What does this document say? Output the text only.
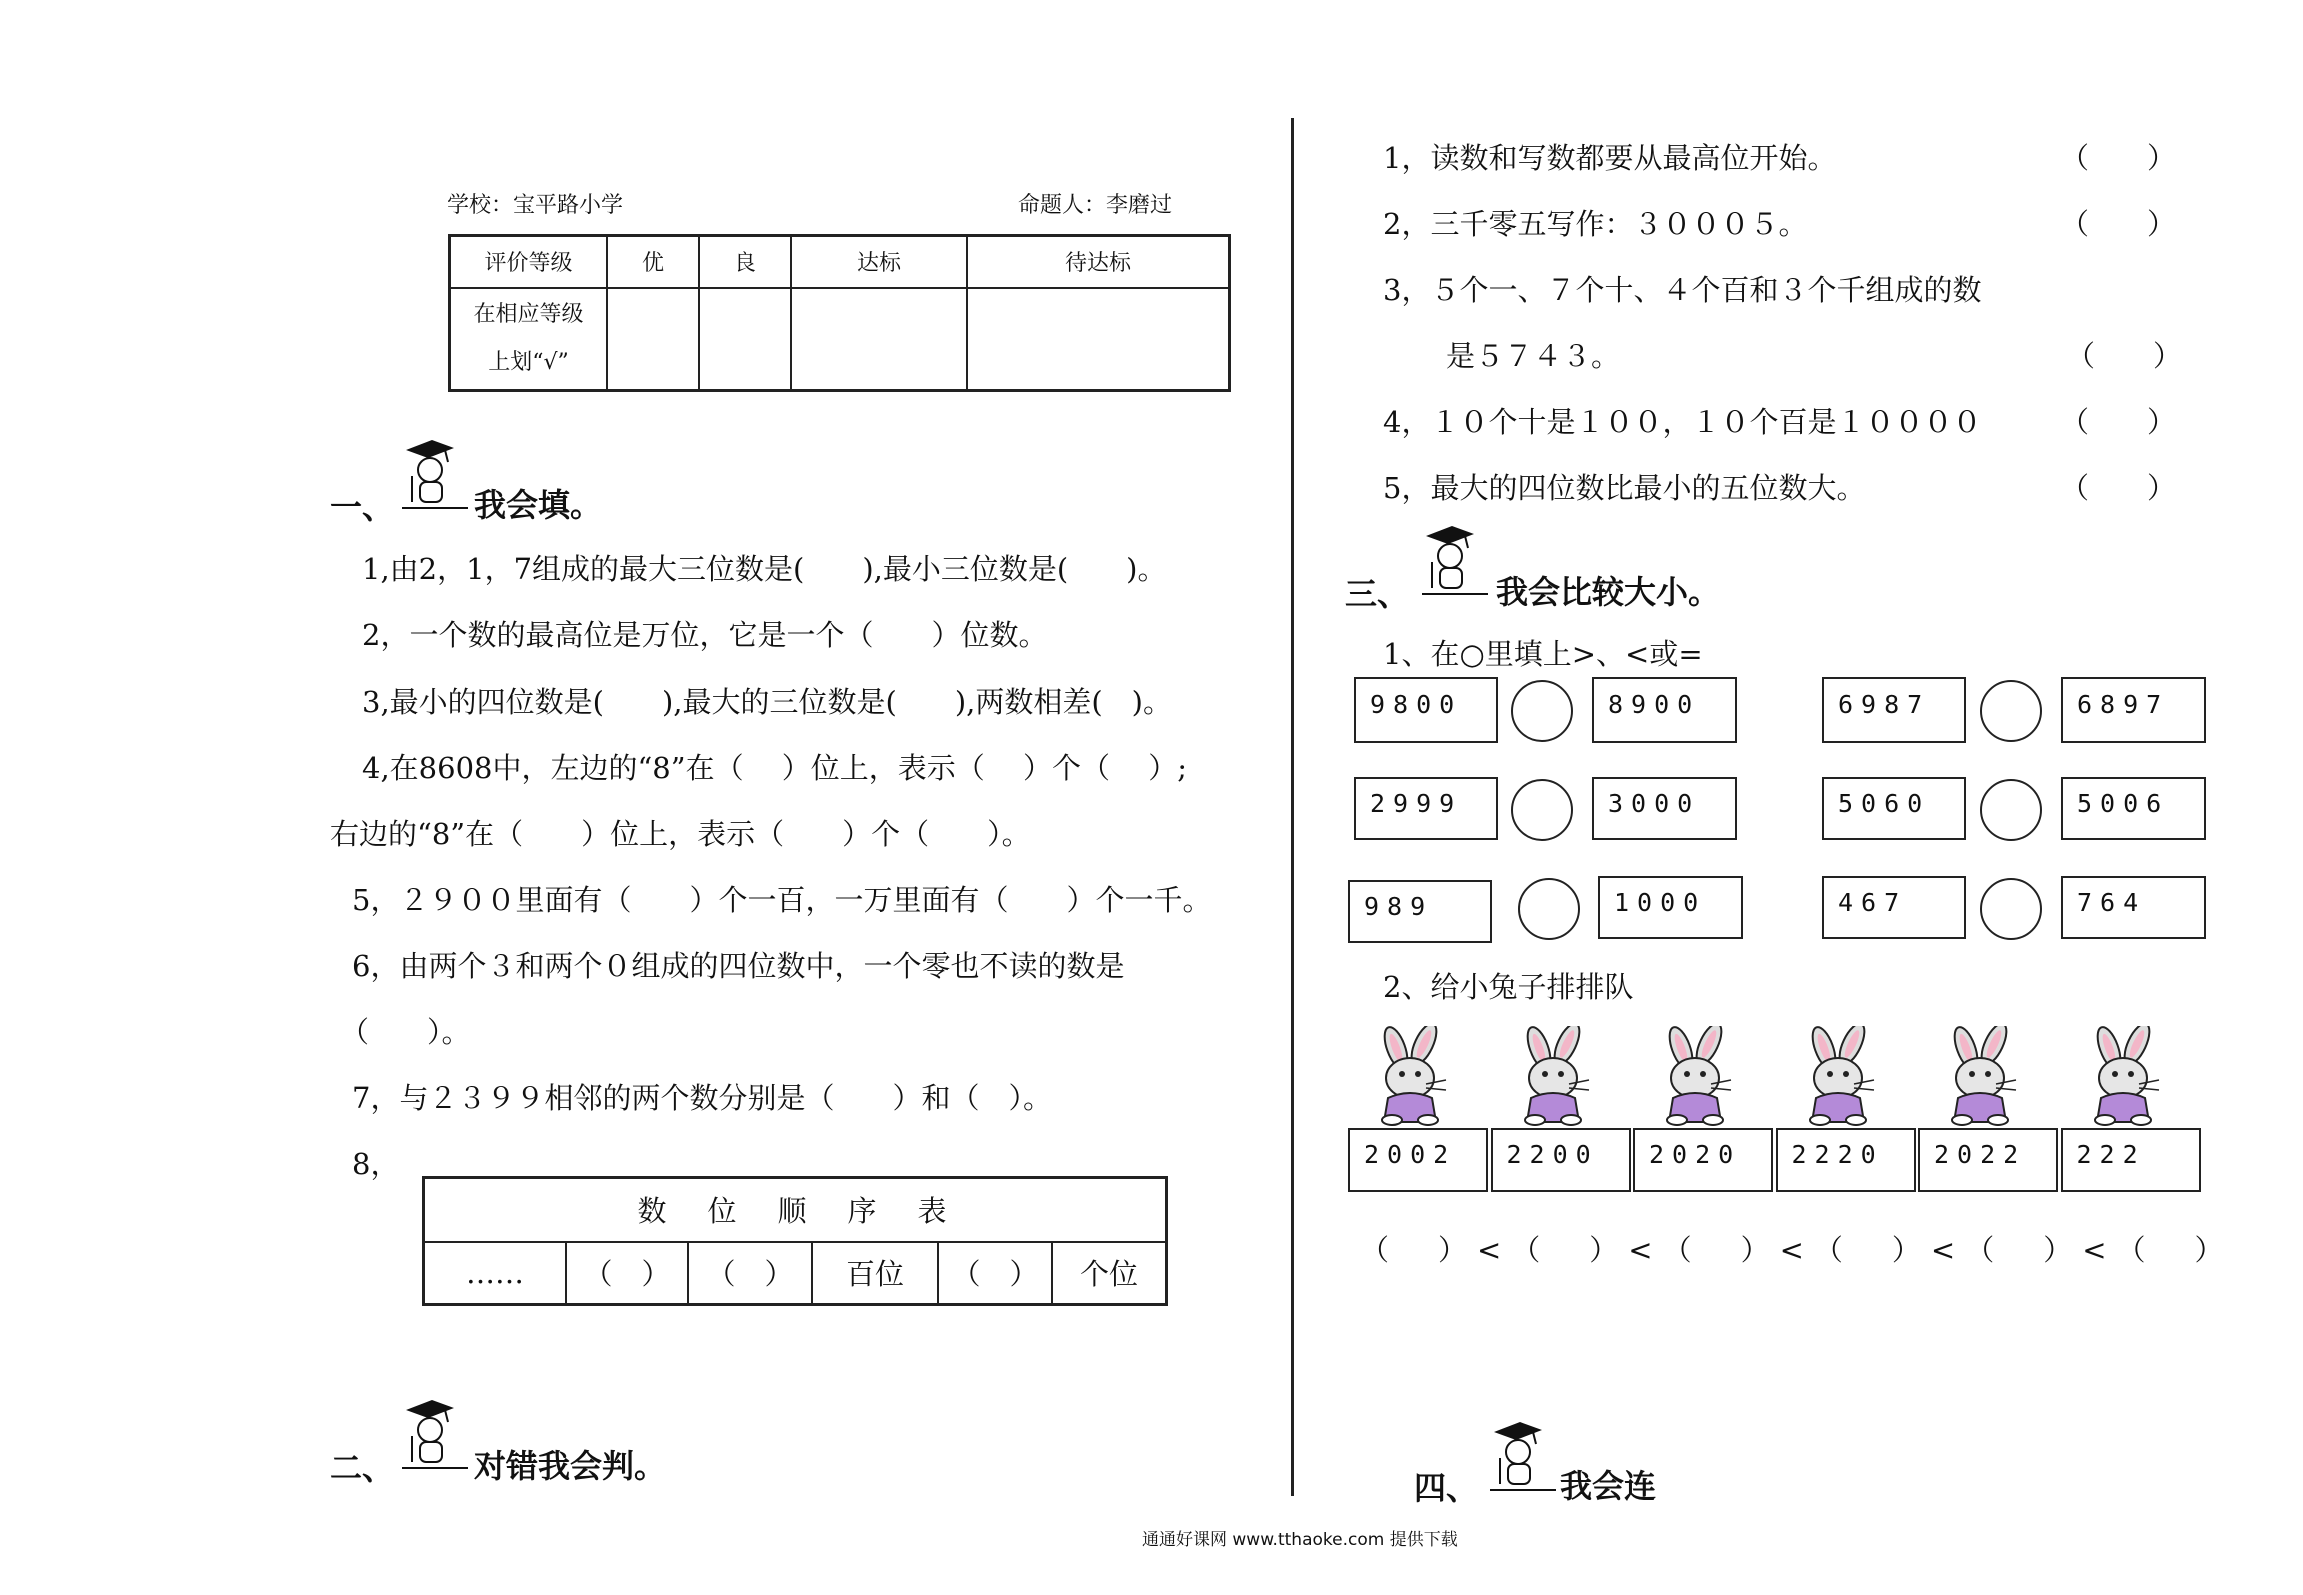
学校：宝平路小学	命题人：李磨过
评价等级	优	良	达标	待达标

在相应等级
上划“√”				

一、 我会填。
1,由2，1，7组成的最大三位数是(　　),最小三位数是(　　)。
2，一个数的最高位是万位，它是一个（　　）位数。
3,最小的四位数是(　　),最大的三位数是(　　),两数相差(　)。
4,在8608中，左边的“8”在（　 ）位上，表示（　 ）个（　 ）;
右边的“8”在（　　）位上，表示（　　）个（　　）。
5，２９００里面有（　　）个一百，一万里面有（　　）个一千。
6，由两个３和两个０组成的四位数中，一个零也不读的数是
（　　）。
7，与２３９９相邻的两个数分别是（　　）和（　）。
8，
数　位　顺　序　表
……	（　）	（　）	百位	（　）	个位
二、 对错我会判。
1，读数和写数都要从最高位开始。	（　　）
2，三千零五写作：３０００５。	（　　）
3，５个一、７个十、４个百和３个千组成的数
是５７４３。	（　　）
4，１０个十是１００，１０个百是１００００	（　　）
5，最大的四位数比最小的五位数大。	（　　）
三、	我会比较大小。
1、在○里填上>、<或=
9800	8900	6987	6897
2999	3000	5060	5006
989	1000	467	764
2、给小兔子排排队
2002	2200	2020	2220	2022	222
（　）<（　）<（　）<（　）<（　）<（　）
四、	我会连
通通好课网 www.tthaoke.com 提供下载
